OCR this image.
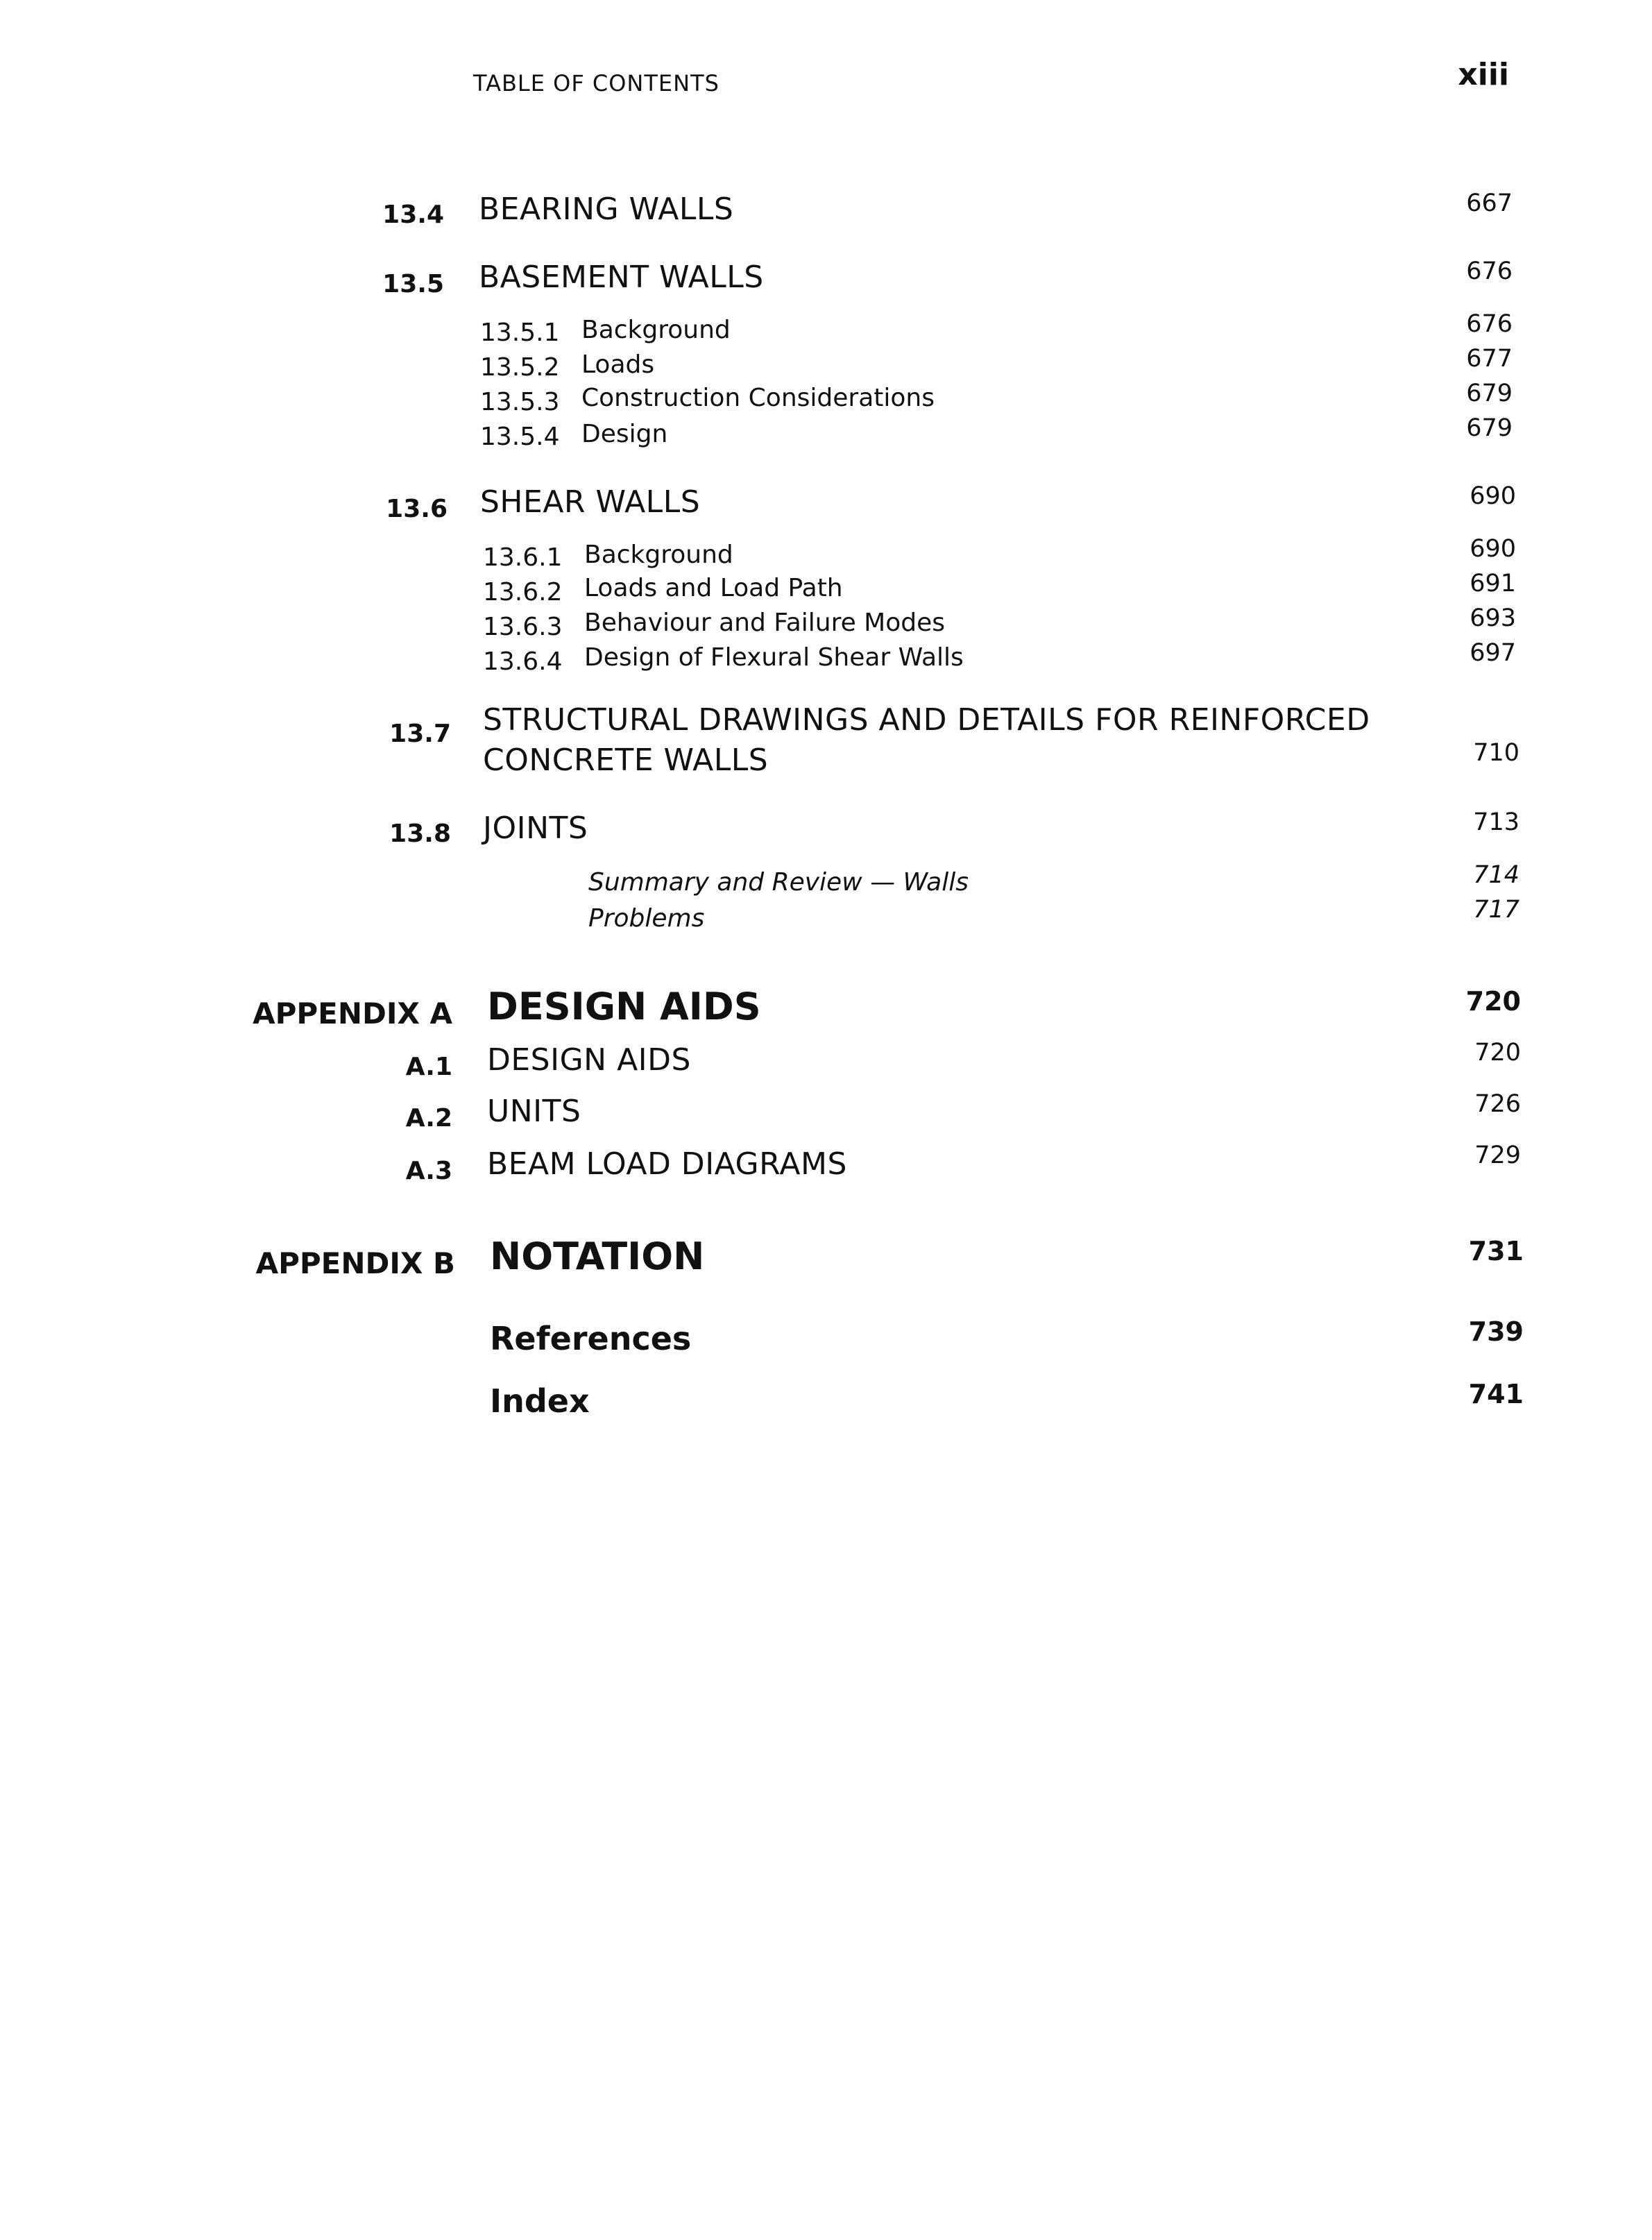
TABLE OF CONTENTS	xiii
13.4 BEARING WALLS	667
13.5 BASEMENT WALLS	676
13.5.1 Background	676
13.5.2 Loads	677
13.5.3 Construction Considerations	679
13.5.4 Design	679
13.6 SHEAR WALLS	690
13.6.1 Background	690
13.6.2 Loads and Load Path	691
13.6.3 Behaviour and Failure Modes	693
13.6.4 Design of Flexural Shear Walls	697
13.7 STRUCTURAL DRAWINGS AND DETAILS FOR REINFORCED
CONCRETE WALLS	710
13.8 JOINTS	713
Summary and Review — Walls	714
Problems	717
APPENDIX A DESIGN AIDS	720
A.1 DESIGN AIDS	720
A.2 UNITS	726
A.3 BEAM LOAD DIAGRAMS	729
APPENDIX B NOTATION	731
References	739
Index	741
